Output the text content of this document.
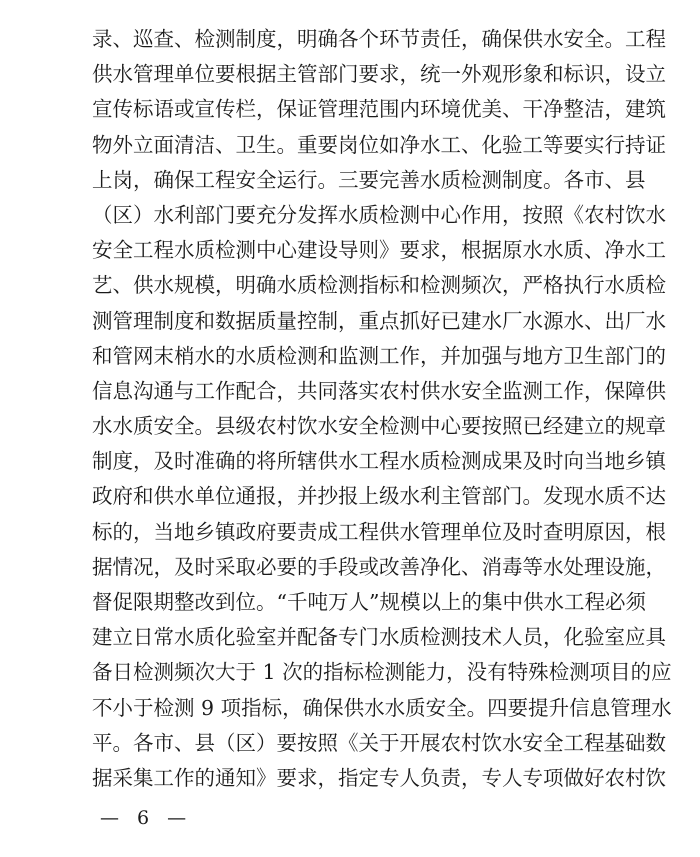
录、巡查、检测制度，明确各个环节责任，确保供水安全。工程
供水管理单位要根据主管部门要求，统一外观形象和标识，设立
宣传标语或宣传栏，保证管理范围内环境优美、干净整洁，建筑
物外立面清洁、卫生。重要岗位如净水工、化验工等要实行持证
上岗，确保工程安全运行。三要完善水质检测制度。各市、县
（区）水利部门要充分发挥水质检测中心作用，按照《农村饮水
安全工程水质检测中心建设导则》要求，根据原水水质、净水工
艺、供水规模，明确水质检测指标和检测频次，严格执行水质检
测管理制度和数据质量控制，重点抓好已建水厂水源水、出厂水
和管网末梢水的水质检测和监测工作，并加强与地方卫生部门的
信息沟通与工作配合，共同落实农村供水安全监测工作，保障供
水水质安全。县级农村饮水安全检测中心要按照已经建立的规章
制度，及时准确的将所辖供水工程水质检测成果及时向当地乡镇
政府和供水单位通报，并抄报上级水利主管部门。发现水质不达
标的，当地乡镇政府要责成工程供水管理单位及时查明原因，根
据情况，及时采取必要的手段或改善净化、消毒等水处理设施，
督促限期整改到位。“千吨万人”规模以上的集中供水工程必须
建立日常水质化验室并配备专门水质检测技术人员，化验室应具
备日检测频次大于 1 次的指标检测能力，没有特殊检测项目的应
不小于检测 9 项指标，确保供水水质安全。四要提升信息管理水
平。各市、县（区）要按照《关于开展农村饮水安全工程基础数
据采集工作的通知》要求，指定专人负责，专人专项做好农村饮
— 6 —
